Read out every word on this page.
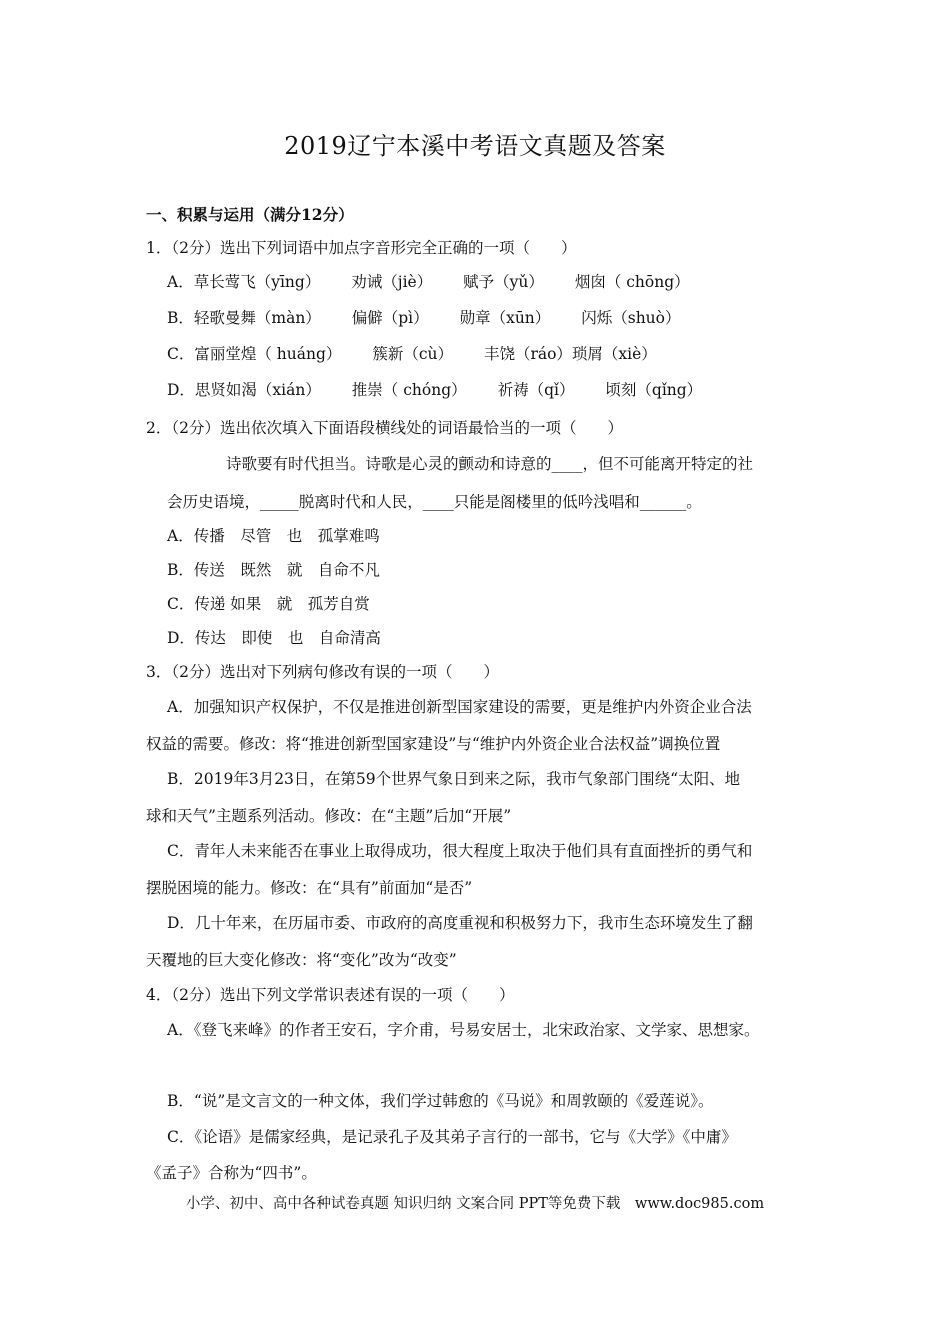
2019辽宁本溪中考语文真题及答案
一、积累与运用（满分12分）
1．（2分）选出下列词语中加点字音形完全正确的一项（　　）
A．草长莺飞（yīng） 劝诫（jiè） 赋予（yǔ） 烟囱（ chōng）
B．轻歌曼舞（màn） 偏僻（pì） 勋章（xūn） 闪烁（shuò）
C．富丽堂煌（ huáng） 簇新（cù） 丰饶（ráo）琐屑（xiè）
D．思贤如渴（xián） 推崇（ chóng） 祈祷（qǐ） 顷刻（qǐng）
2．（2分）选出依次填入下面语段横线处的词语最恰当的一项（　　）
诗歌要有时代担当。诗歌是心灵的颤动和诗意的____，但不可能离开特定的社
会历史语境，_____脱离时代和人民，____只能是阁楼里的低吟浅唱和______。
A．传播　尽管　也　孤掌难鸣
B．传送　既然　就　自命不凡
C．传递 如果　就　孤芳自赏
D．传达　即使　也　自命清高
3．（2分）选出对下列病句修改有误的一项（　　）
A．加强知识产权保护，不仅是推进创新型国家建设的需要，更是维护内外资企业合法
权益的需要。修改：将“推进创新型国家建设”与“维护内外资企业合法权益”调换位置
B．2019年3月23日，在第59个世界气象日到来之际，我市气象部门围绕“太阳、地
球和天气”主题系列活动。修改：在“主题”后加“开展”
C．青年人未来能否在事业上取得成功，很大程度上取决于他们具有直面挫折的勇气和
摆脱困境的能力。修改：在“具有”前面加“是否”
D．几十年来，在历届市委、市政府的高度重视和积极努力下，我市生态环境发生了翻
天覆地的巨大变化修改：将“变化”改为“改变”
4．（2分）选出下列文学常识表述有误的一项（　　）
A．《登飞来峰》的作者王安石，字介甫，号易安居士，北宋政治家、文学家、思想家。
B．“说”是文言文的一种文体，我们学过韩愈的《马说》和周敦颐的《爱莲说》。
C．《论语》是儒家经典，是记录孔子及其弟子言行的一部书，它与《大学》《中庸》
《孟子》合称为“四书”。
小学、初中、高中各种试卷真题 知识归纳 文案合同 PPT等免费下载　www.doc985.com
